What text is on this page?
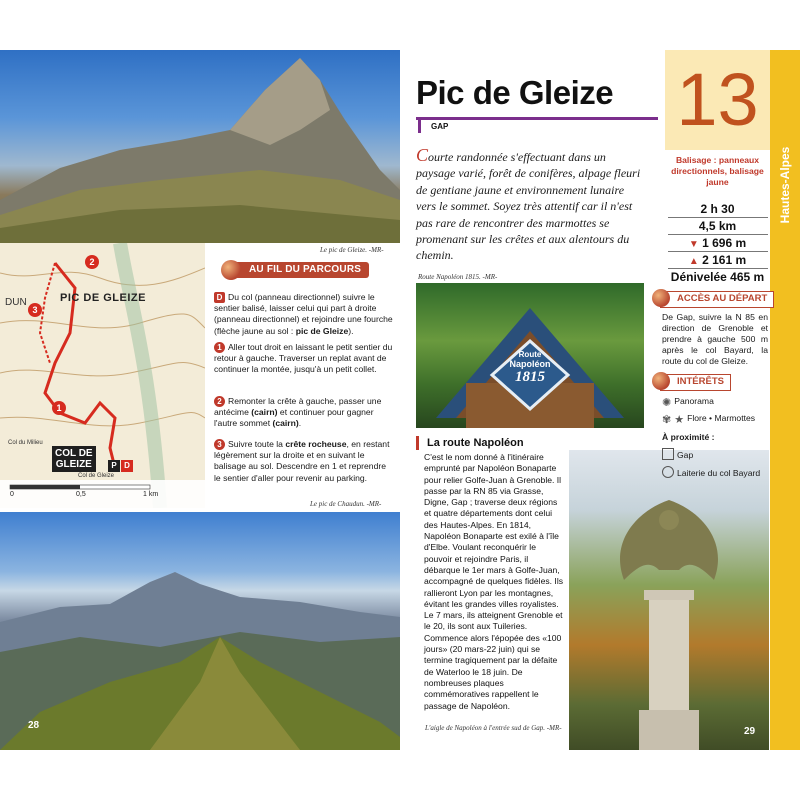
Le pic de Gleize. -MR-
DUN	PIC DE GLEIZE
2
3
1
Col du Milieu
COL DE
GLEIZE	P D
Col de Gleize
0	0,5	1 km
AU FIL DU PARCOURS
D Du col (panneau directionnel) suivre le sentier balisé, laisser celui qui part à droite (panneau directionnel) et rejoindre une fourche (flèche jaune au sol : pic de Gleize).
1 Aller tout droit en laissant le petit sentier du retour à gauche. Traverser un replat avant de continuer la montée, jusqu'à un petit collet.
2 Remonter la crête à gauche, passer une antécime (cairn) et continuer pour gagner l'autre sommet (cairn).
3 Suivre toute la crête rocheuse, en restant légèrement sur la droite et en suivant le balisage au sol. Descendre en 1 et reprendre le sentier d'aller pour revenir au parking.
Le pic de Chaudun. -MR-
28
Pic de Gleize
GAP
Courte randonnée s'effectuant dans un paysage varié, forêt de conifères, alpage fleuri de gentiane jaune et environnement lunaire vers le sommet. Soyez très attentif car il n'est pas rare de rencontrer des marmottes se promenant sur les crêtes et aux alentours du chemin.
Route Napoléon 1815. -MR-
Route
Napoléon
1815
La route Napoléon
C'est le nom donné à l'itinéraire emprunté par Napoléon Bonaparte pour relier Golfe-Juan à Grenoble. Il passe par la RN 85 via Grasse, Digne, Gap ; traverse deux régions et quatre départements dont celui des Hautes-Alpes. En 1814, Napoléon Bonaparte est exilé à l'île d'Elbe. Voulant reconquérir le pouvoir et rejoindre Paris, il débarque le 1er mars à Golfe-Juan, accompagné de quelques fidèles. Ils rallieront Lyon par les montagnes, évitant les grandes villes royalistes. Le 7 mars, ils atteignent Grenoble et le 20, ils sont aux Tuileries. Commence alors l'épopée des «100 jours» (20 mars-22 juin) qui se termine tragiquement par la défaite de Waterloo le 18 juin. De nombreuses plaques commémoratives rappellent le passage de Napoléon.
L'aigle de Napoléon à l'entrée sud de Gap. -MR-	29
13
Hautes-Alpes
Balisage : panneaux directionnels, balisage jaune
2 h 30
4,5 km
▼ 1 696 m
▲ 2 161 m
Dénivelée 465 m
ACCÈS AU DÉPART
De Gap, suivre la N 85 en direction de Grenoble et prendre à gauche 500 m après le col Bayard, la route du col de Gleize.
INTÉRÊTS
✺ Panorama
✾ ★ Flore • Marmottes
À proximité :
Gap
Laiterie du col Bayard
